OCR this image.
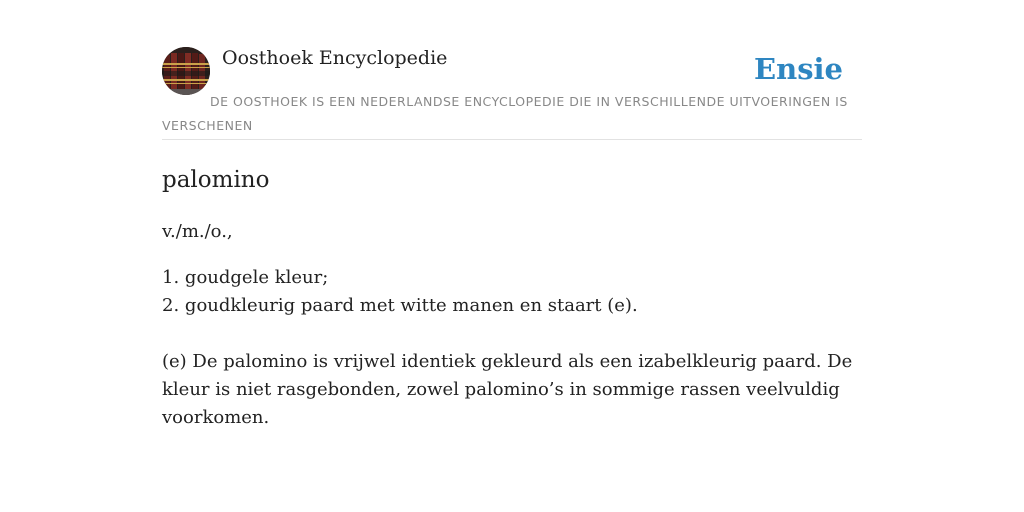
Oosthoek Encyclopedie	Ensie
DE OOSTHOEK IS EEN NEDERLANDSE ENCYCLOPEDIE DIE IN VERSCHILLENDE UITVOERINGEN IS VERSCHENEN
palomino
v./m./o.,
1. goudgele kleur;
2. goudkleurig paard met witte manen en staart (e).

(e) De palomino is vrijwel identiek gekleurd als een izabelkleurig paard. De kleur is niet rasgebonden, zowel palomino’s in sommige rassen veelvuldig voorkomen.
